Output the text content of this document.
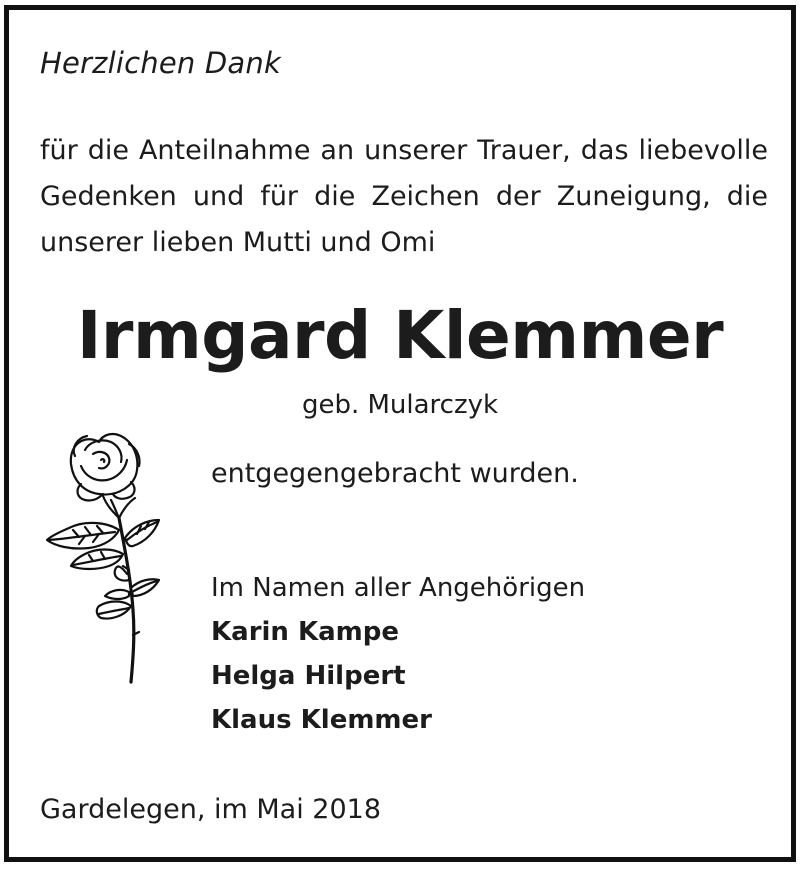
Herzlichen Dank

für die Anteilnahme an unserer Trauer, das liebevolle
Gedenken und für die Zeichen der Zuneigung, die
unserer lieben Mutti und Omi

Irmgard Klemmer

geb. Mularczyk

entgegengebracht wurden.

Im Namen aller Angehörigen
Karin Kampe
Helga Hilpert
Klaus Klemmer

Gardelegen, im Mai 2018
